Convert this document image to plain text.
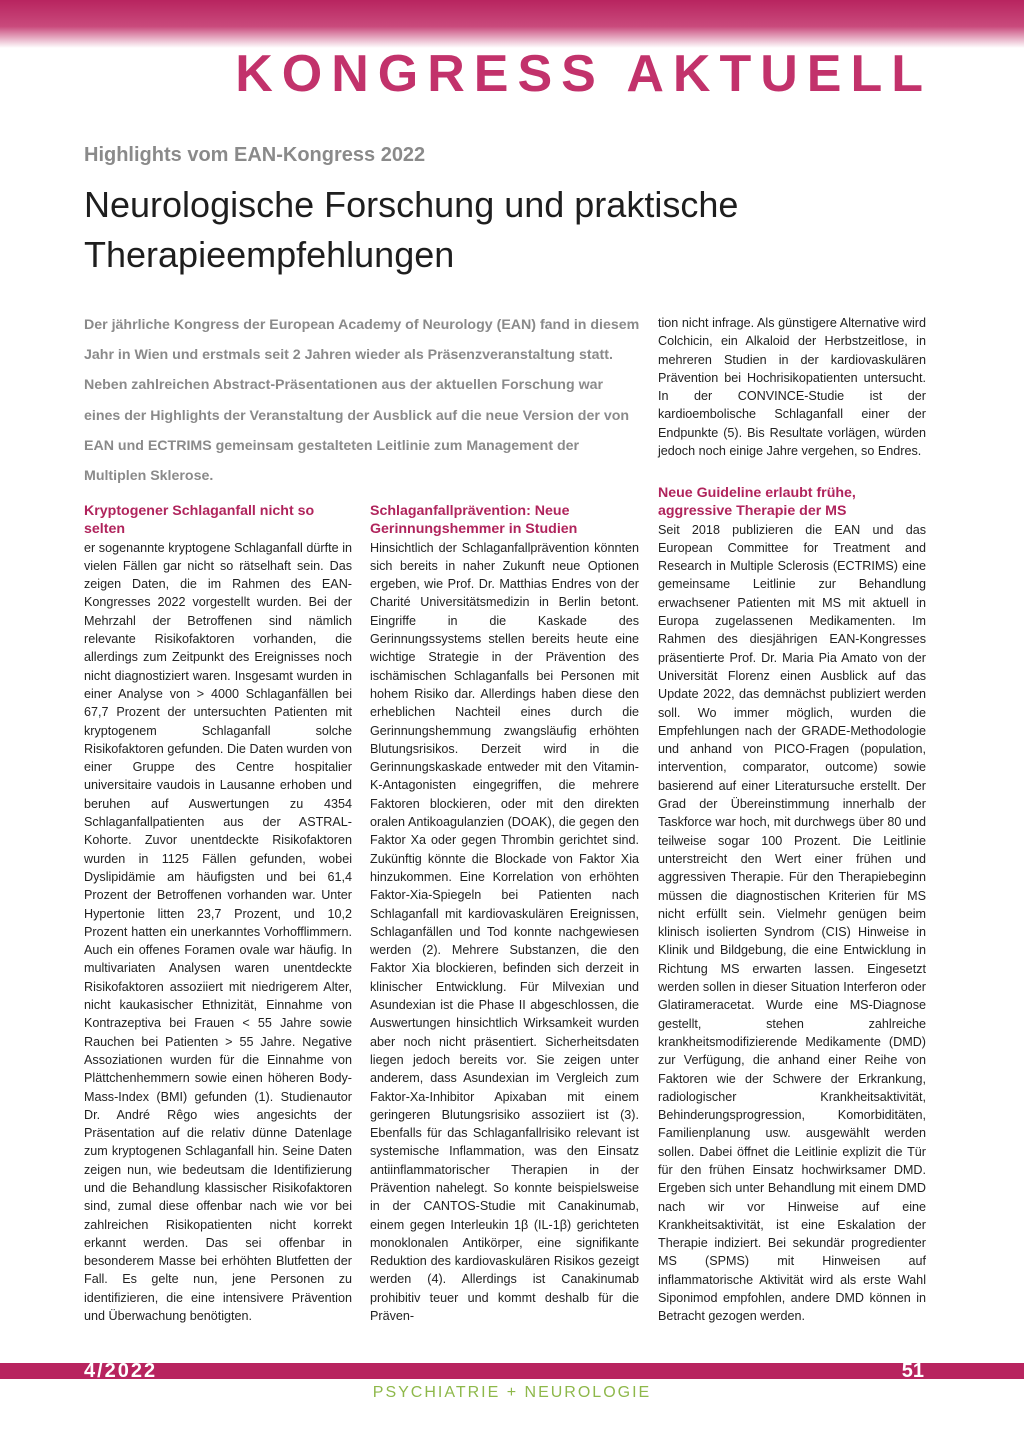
KONGRESS AKTUELL
Highlights vom EAN-Kongress 2022
Neurologische Forschung und praktische Therapieempfehlungen
Der jährliche Kongress der European Academy of Neurology (EAN) fand in diesem Jahr in Wien und erstmals seit 2 Jahren wieder als Präsenzveranstaltung statt. Neben zahlreichen Abstract-Präsentationen aus der aktuellen Forschung war eines der Highlights der Veranstaltung der Ausblick auf die neue Version der von EAN und ECTRIMS gemeinsam gestalteten Leitlinie zum Management der Multiplen Sklerose.
Kryptogener Schlaganfall nicht so selten

er sogenannte kryptogene Schlaganfall dürfte in vielen Fällen gar nicht so rätselhaft sein. Das zeigen Daten, die im Rahmen des EAN-Kongresses 2022 vorgestellt wurden. Bei der Mehrzahl der Betroffenen sind nämlich relevante Risikofaktoren vorhanden, die allerdings zum Zeitpunkt des Ereignisses noch nicht diagnostiziert waren. Insgesamt wurden in einer Analyse von > 4000 Schlaganfällen bei 67,7 Prozent der untersuchten Patienten mit kryptogenem Schlaganfall solche Risikofaktoren gefunden. Die Daten wurden von einer Gruppe des Centre hospitalier universitaire vaudois in Lausanne erhoben und beruhen auf Auswertungen zu 4354 Schlaganfallpatienten aus der ASTRAL-Kohorte. Zuvor unentdeckte Risikofaktoren wurden in 1125 Fällen gefunden, wobei Dyslipidämie am häufigsten und bei 61,4 Prozent der Betroffenen vorhanden war. Unter Hypertonie litten 23,7 Prozent, und 10,2 Prozent hatten ein unerkanntes Vorhofflimmern. Auch ein offenes Foramen ovale war häufig. In multivariaten Analysen waren unentdeckte Risikofaktoren assoziiert mit niedrigerem Alter, nicht kaukasischer Ethnizität, Einnahme von Kontrazeptiva bei Frauen < 55 Jahre sowie Rauchen bei Patienten > 55 Jahre. Negative Assoziationen wurden für die Einnahme von Plättchenhemmern sowie einen höheren Body-Mass-Index (BMI) gefunden (1). Studienautor Dr. André Rêgo wies angesichts der Präsentation auf die relativ dünne Datenlage zum kryptogenen Schlaganfall hin. Seine Daten zeigen nun, wie bedeutsam die Identifizierung und die Behandlung klassischer Risikofaktoren sind, zumal diese offenbar nach wie vor bei zahlreichen Risikopatienten nicht korrekt erkannt werden. Das sei offenbar in besonderem Masse bei erhöhten Blutfetten der Fall. Es gelte nun, jene Personen zu identifizieren, die eine intensivere Prävention und Überwachung benötigten.

Schlaganfallprävention: Neue Gerinnungshemmer in Studien

Hinsichtlich der Schlaganfallprävention könnten sich bereits in naher Zukunft neue Optionen ergeben, wie Prof. Dr. Matthias Endres von der Charité Universitätsmedizin in Berlin betont. Eingriffe in die Kaskade des Gerinnungssystems stellen bereits heute eine wichtige Strategie in der Prävention des ischämischen Schlaganfalls bei Personen mit hohem Risiko dar. Allerdings haben diese den erheblichen Nachteil eines durch die Gerinnungshemmung zwangsläufig erhöhten Blutungsrisikos. Derzeit wird in die Gerinnungskaskade entweder mit den Vitamin-K-Antagonisten eingegriffen, die mehrere Faktoren blockieren, oder mit den direkten oralen Antikoagulanzien (DOAK), die gegen den Faktor Xa oder gegen Thrombin gerichtet sind. Zukünftig könnte die Blockade von Faktor Xia hinzukommen. Eine Korrelation von erhöhten Faktor-Xia-Spiegeln bei Patienten nach Schlaganfall mit kardiovaskulären Ereignissen, Schlaganfällen und Tod konnte nachgewiesen werden (2). Mehrere Substanzen, die den Faktor Xia blockieren, befinden sich derzeit in klinischer Entwicklung. Für Milvexian und Asundexian ist die Phase II abgeschlossen, die Auswertungen hinsichtlich Wirksamkeit wurden aber noch nicht präsentiert. Sicherheitsdaten liegen jedoch bereits vor. Sie zeigen unter anderem, dass Asundexian im Vergleich zum Faktor-Xa-Inhibitor Apixaban mit einem geringeren Blutungsrisiko assoziiert ist (3). Ebenfalls für das Schlaganfallrisiko relevant ist systemische Inflammation, was den Einsatz antiinflammatorischer Therapien in der Prävention nahelegt. So konnte beispielsweise in der CANTOS-Studie mit Canakinumab, einem gegen Interleukin 1β (IL-1β) gerichteten monoklonalen Antikörper, eine signifikante Reduktion des kardiovaskulären Risikos gezeigt werden (4). Allerdings ist Canakinumab prohibitiv teuer und kommt deshalb für die Präven-

tion nicht infrage. Als günstigere Alternative wird Colchicin, ein Alkaloid der Herbstzeitlose, in mehreren Studien in der kardiovaskulären Prävention bei Hochrisikopatienten untersucht. In der CONVINCE-Studie ist der kardioembolische Schlaganfall einer der Endpunkte (5). Bis Resultate vorlägen, würden jedoch noch einige Jahre vergehen, so Endres.

Neue Guideline erlaubt frühe, aggressive Therapie der MS

Seit 2018 publizieren die EAN und das European Committee for Treatment and Research in Multiple Sclerosis (ECTRIMS) eine gemeinsame Leitlinie zur Behandlung erwachsener Patienten mit MS mit aktuell in Europa zugelassenen Medikamenten. Im Rahmen des diesjährigen EAN-Kongresses präsentierte Prof. Dr. Maria Pia Amato von der Universität Florenz einen Ausblick auf das Update 2022, das demnächst publiziert werden soll. Wo immer möglich, wurden die Empfehlungen nach der GRADE-Methodologie und anhand von PICO-Fragen (population, intervention, comparator, outcome) sowie basierend auf einer Literatursuche erstellt. Der Grad der Übereinstimmung innerhalb der Taskforce war hoch, mit durchwegs über 80 und teilweise sogar 100 Prozent. Die Leitlinie unterstreicht den Wert einer frühen und aggressiven Therapie. Für den Therapiebeginn müssen die diagnostischen Kriterien für MS nicht erfüllt sein. Vielmehr genügen beim klinisch isolierten Syndrom (CIS) Hinweise in Klinik und Bildgebung, die eine Entwicklung in Richtung MS erwarten lassen. Eingesetzt werden sollen in dieser Situation Interferon oder Glatirameracetat. Wurde eine MS-Diagnose gestellt, stehen zahlreiche krankheitsmodifizierende Medikamente (DMD) zur Verfügung, die anhand einer Reihe von Faktoren wie der Schwere der Erkrankung, radiologischer Krankheitsaktivität, Behinderungsprogression, Komorbiditäten, Familienplanung usw. ausgewählt werden sollen. Dabei öffnet die Leitlinie explizit die Tür für den frühen Einsatz hochwirksamer DMD. Ergeben sich unter Behandlung mit einem DMD nach wir vor Hinweise auf eine Krankheitsaktivität, ist eine Eskalation der Therapie indiziert. Bei sekundär progredienter MS (SPMS) mit Hinweisen auf inflammatorische Aktivität wird als erste Wahl Siponimod empfohlen, andere DMD können in Betracht gezogen werden.

4/2022	51
PSYCHIATRIE + NEUROLOGIE
